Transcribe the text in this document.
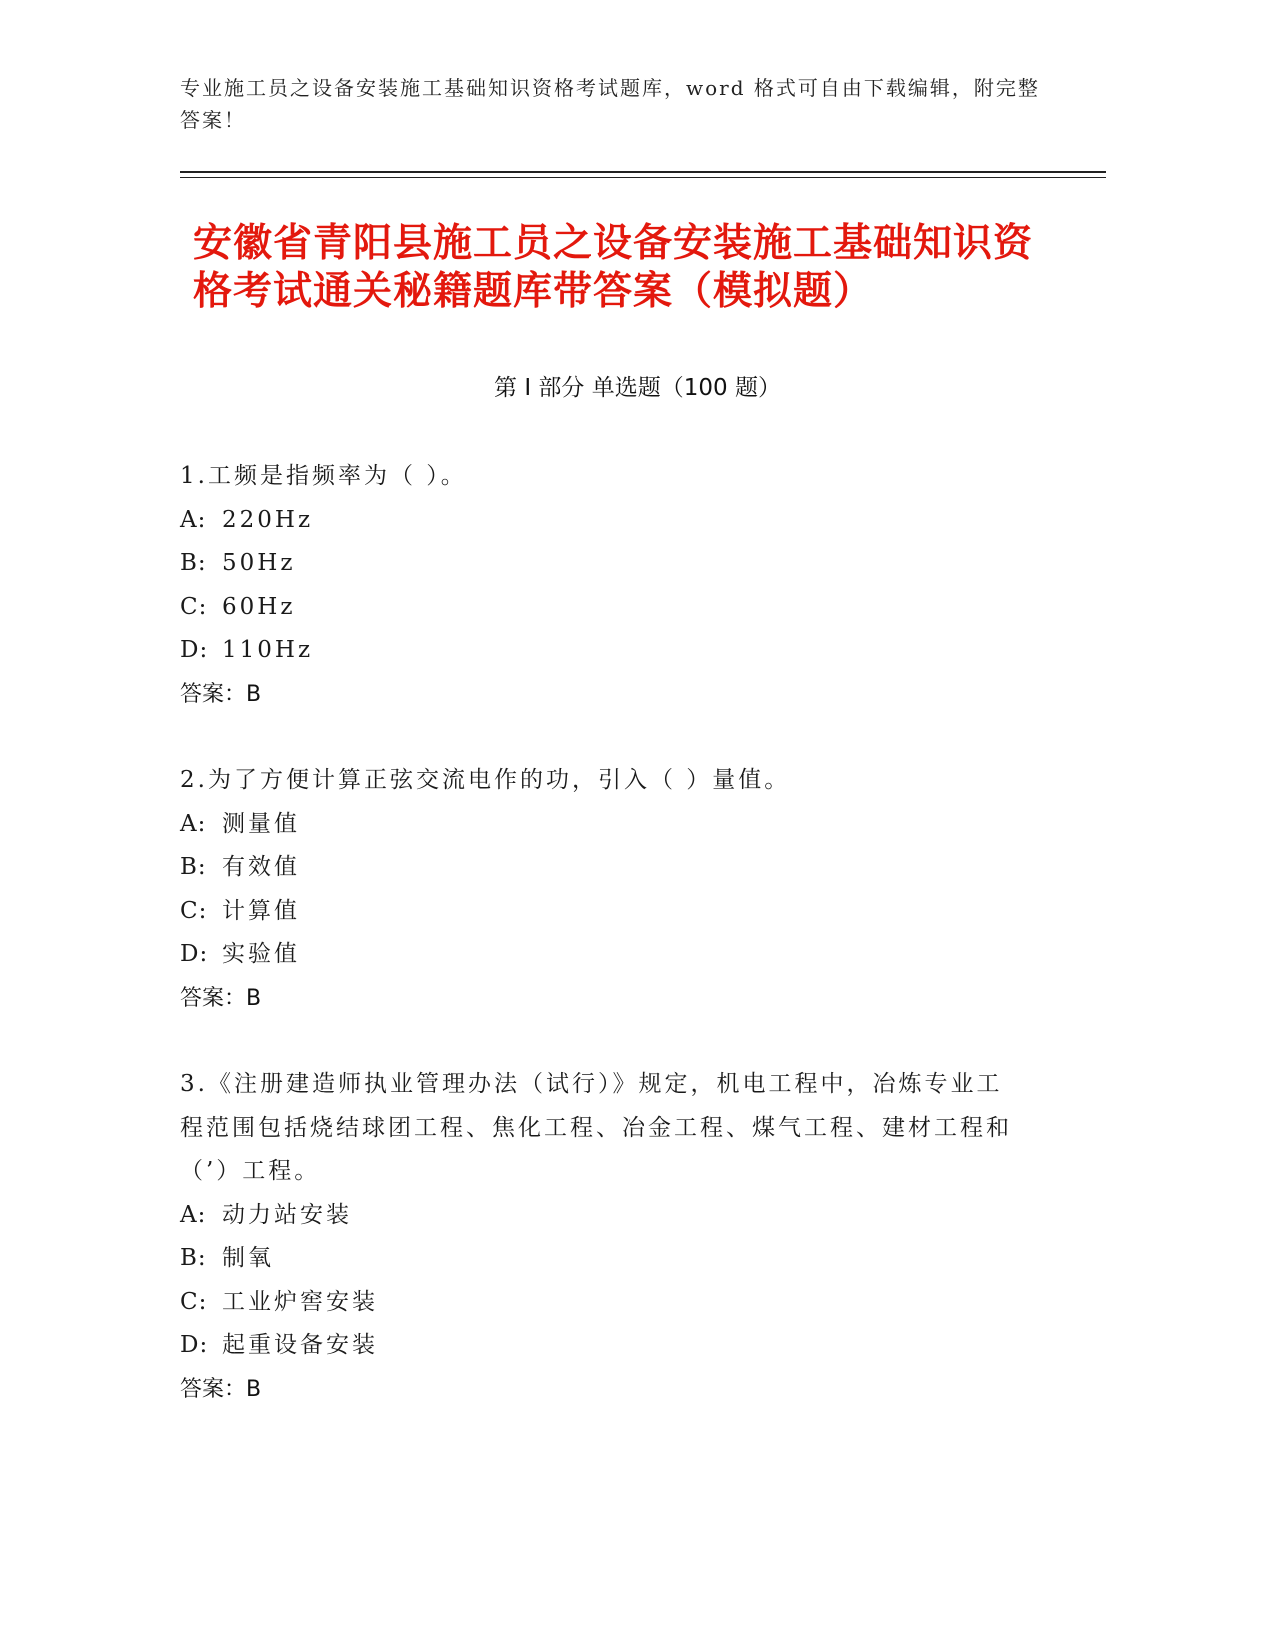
专业施工员之设备安装施工基础知识资格考试题库，word 格式可自由下载编辑，附完整答案！
安徽省青阳县施工员之设备安装施工基础知识资格考试通关秘籍题库带答案（模拟题）
第 I 部分 单选题（100 题）
1.工频是指频率为（ ）。
A: 220Hz
B: 50Hz
C: 60Hz
D: 110Hz
答案：B
2.为了方便计算正弦交流电作的功，引入（ ）量值。
A: 测量值
B: 有效值
C: 计算值
D: 实验值
答案：B
3.《注册建造师执业管理办法（试行）》规定，机电工程中，冶炼专业工程范围包括烧结球团工程、焦化工程、冶金工程、煤气工程、建材工程和（’）工程。
A: 动力站安装
B: 制氧
C: 工业炉窖安装
D: 起重设备安装
答案：B
